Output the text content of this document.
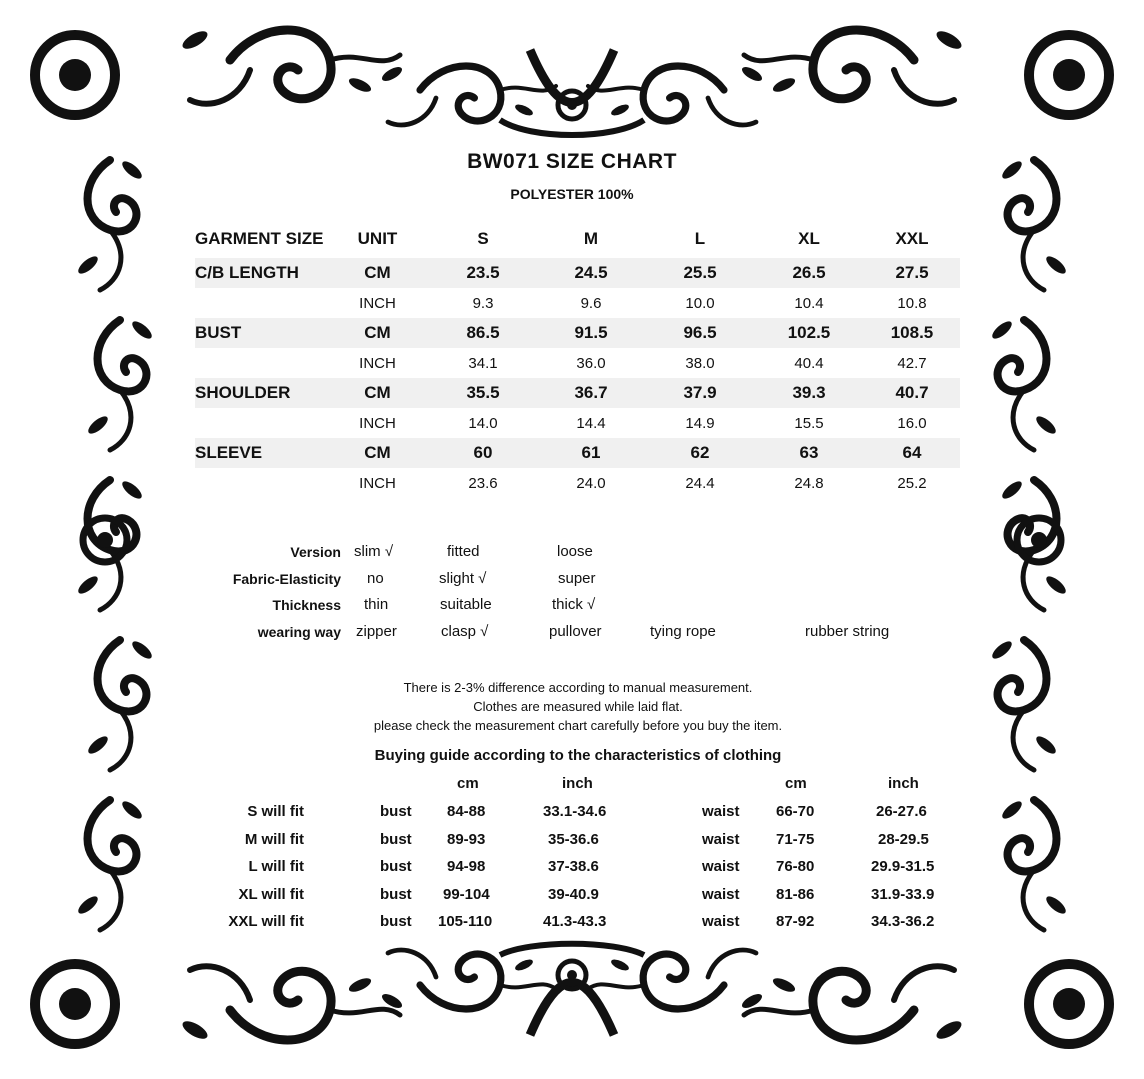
BW071 SIZE CHART
POLYESTER 100%
GARMENT SIZE	UNIT	S	M	L	XL	XXL

C/B LENGTH	CM	23.5	24.5	25.5	26.5	27.5
	INCH	9.3	9.6	10.0	10.4	10.8
BUST	CM	86.5	91.5	96.5	102.5	108.5
	INCH	34.1	36.0	38.0	40.4	42.7
SHOULDER	CM	35.5	36.7	37.9	39.3	40.7
	INCH	14.0	14.4	14.9	15.5	16.0
SLEEVE	CM	60	61	62	63	64
	INCH	23.6	24.0	24.4	24.8	25.2
Version slim √	fitted	loose
Fabric-Elasticity no	slight √	super
Thickness thin	suitable	thick √
wearing way zipper	clasp √	pullover	tying rope	rubber string
There is 2-3% difference according to manual measurement.
Clothes are measured while laid flat.
please check the measurement chart carefully before you buy the item.
Buying guide according to the characteristics of clothing
cm	inch	cm	inch
S will fit	bust 84-88	33.1-34.6	waist 66-70	26-27.6
M will fit	bust 89-93	35-36.6	waist 71-75	28-29.5
L will fit	bust 94-98	37-38.6	waist 76-80	29.9-31.5
XL will fit	bust 99-104	39-40.9	waist 81-86	31.9-33.9
XXL will fit	bust 105-110	41.3-43.3	waist 87-92	34.3-36.2
